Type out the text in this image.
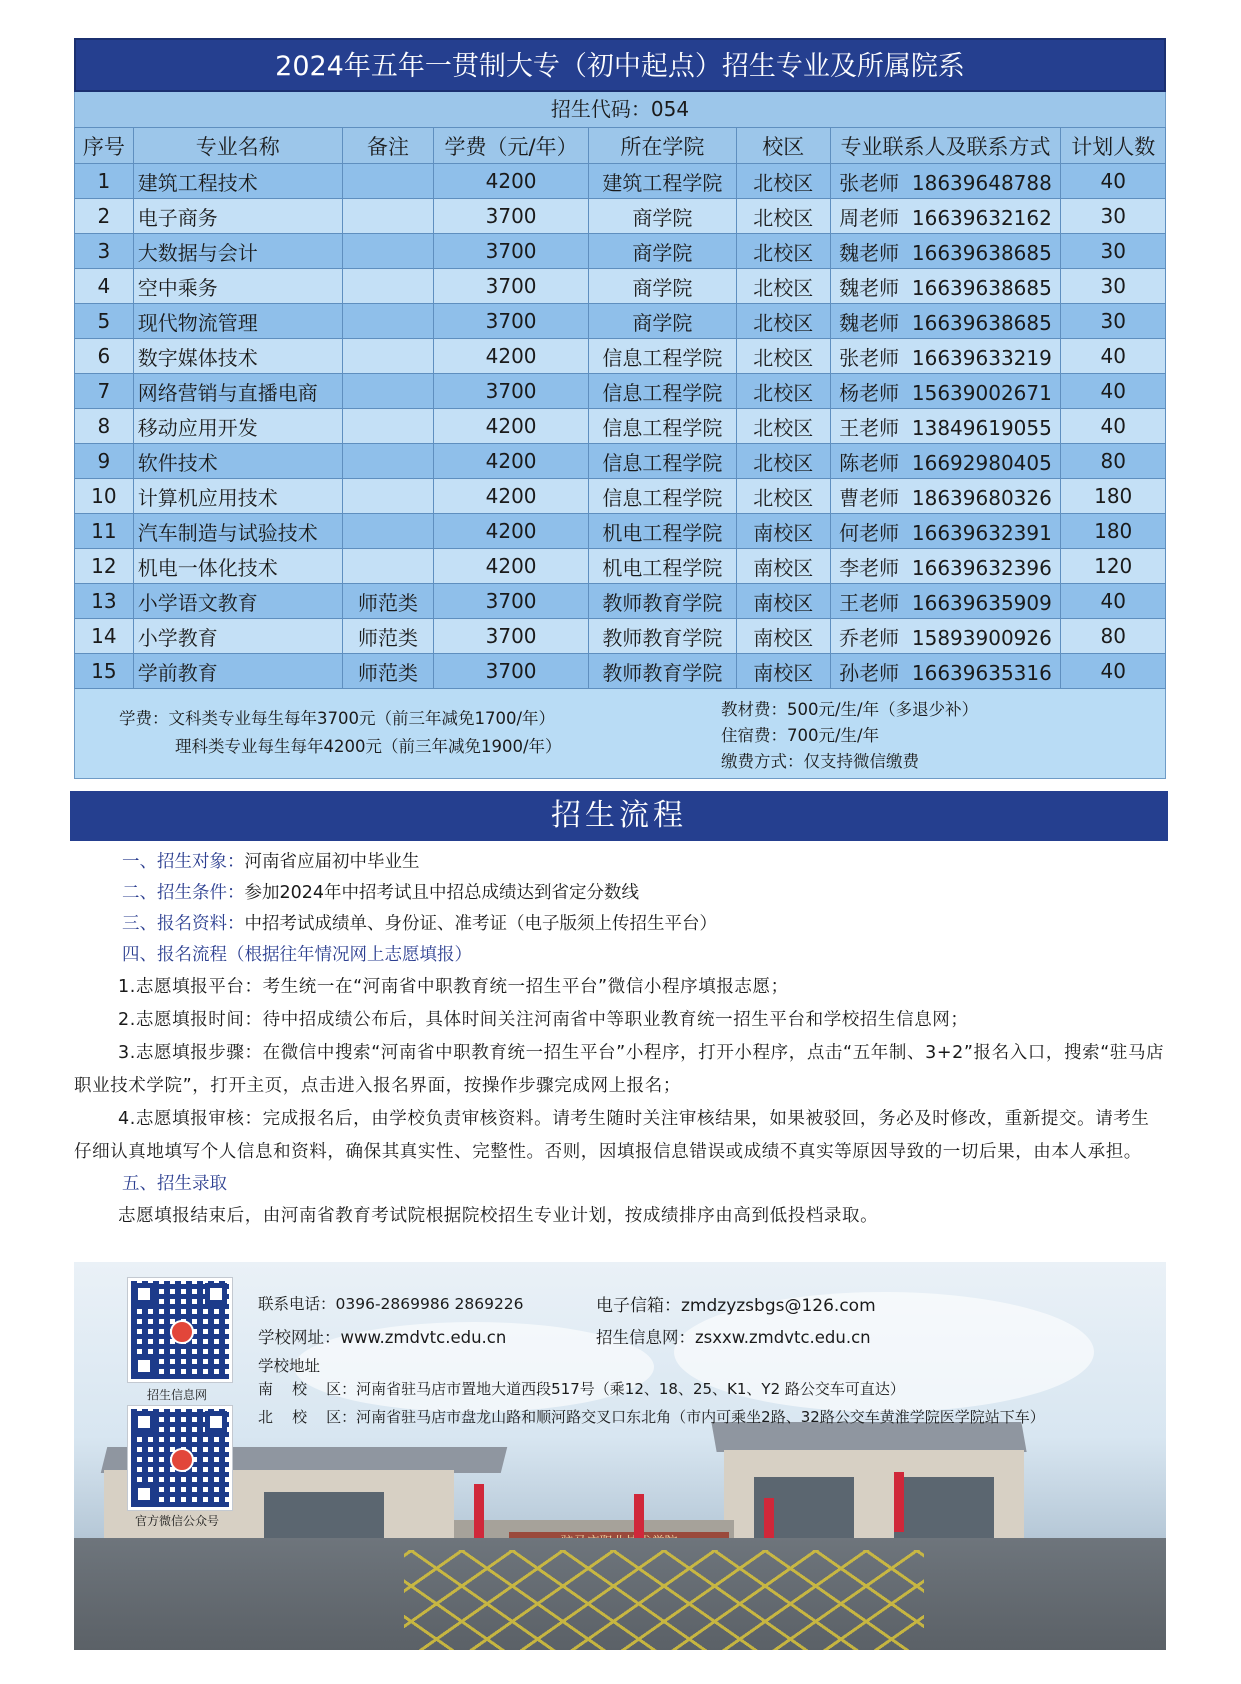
2024年五年一贯制大专（初中起点）招生专业及所属院系
招生代码：054
序号	专业名称	备注	学费（元/年）	所在学院	校区	专业联系人及联系方式	计划人数
1	建筑工程技术		4200	建筑工程学院	北校区	张老师  18639648788	40
2	电子商务		3700	商学院	北校区	周老师  16639632162	30
3	大数据与会计		3700	商学院	北校区	魏老师  16639638685	30
4	空中乘务		3700	商学院	北校区	魏老师  16639638685	30
5	现代物流管理		3700	商学院	北校区	魏老师  16639638685	30
6	数字媒体技术		4200	信息工程学院	北校区	张老师  16639633219	40
7	网络营销与直播电商		3700	信息工程学院	北校区	杨老师  15639002671	40
8	移动应用开发		4200	信息工程学院	北校区	王老师  13849619055	40
9	软件技术		4200	信息工程学院	北校区	陈老师  16692980405	80
10	计算机应用技术		4200	信息工程学院	北校区	曹老师  18639680326	180
11	汽车制造与试验技术		4200	机电工程学院	南校区	何老师  16639632391	180
12	机电一体化技术		4200	机电工程学院	南校区	李老师  16639632396	120
13	小学语文教育	师范类	3700	教师教育学院	南校区	王老师  16639635909	40
14	小学教育	师范类	3700	教师教育学院	南校区	乔老师  15893900926	80
15	学前教育	师范类	3700	教师教育学院	南校区	孙老师  16639635316	40
学费：文科类专业每生每年3700元（前三年减免1700/年）
理科类专业每生每年4200元（前三年减免1900/年）
教材费：500元/生/年（多退少补）
住宿费：700元/生/年
缴费方式：仅支持微信缴费
招生流程
一、招生对象：河南省应届初中毕业生
二、招生条件：参加2024年中招考试且中招总成绩达到省定分数线
三、报名资料：中招考试成绩单、身份证、准考证（电子版须上传招生平台）
四、报名流程（根据往年情况网上志愿填报）
1.志愿填报平台：考生统一在“河南省中职教育统一招生平台”微信小程序填报志愿；
2.志愿填报时间：待中招成绩公布后，具体时间关注河南省中等职业教育统一招生平台和学校招生信息网；
3.志愿填报步骤：在微信中搜索“河南省中职教育统一招生平台”小程序，打开小程序，点击“五年制、3+2”报名入口，搜索“驻马店职业技术学院”，打开主页，点击进入报名界面，按操作步骤完成网上报名；
4.志愿填报审核：完成报名后，由学校负责审核资料。请考生随时关注审核结果，如果被驳回，务必及时修改，重新提交。请考生仔细认真地填写个人信息和资料，确保其真实性、完整性。否则，因填报信息错误或成绩不真实等原因导致的一切后果，由本人承担。
五、招生录取
志愿填报结束后，由河南省教育考试院根据院校招生专业计划，按成绩排序由高到低投档录取。
招生信息网
官方微信公众号
联系电话：0396-2869986 2869226	电子信箱：zmdzyzsbgs@126.com
学校网址：www.zmdvtc.edu.cn	招生信息网：zsxxw.zmdvtc.edu.cn
学校地址
南    校    区：河南省驻马店市置地大道西段517号（乘12、18、25、K1、Y2 路公交车可直达）
北    校    区：河南省驻马店市盘龙山路和顺河路交叉口东北角（市内可乘坐2路、32路公交车黄淮学院医学院站下车）
